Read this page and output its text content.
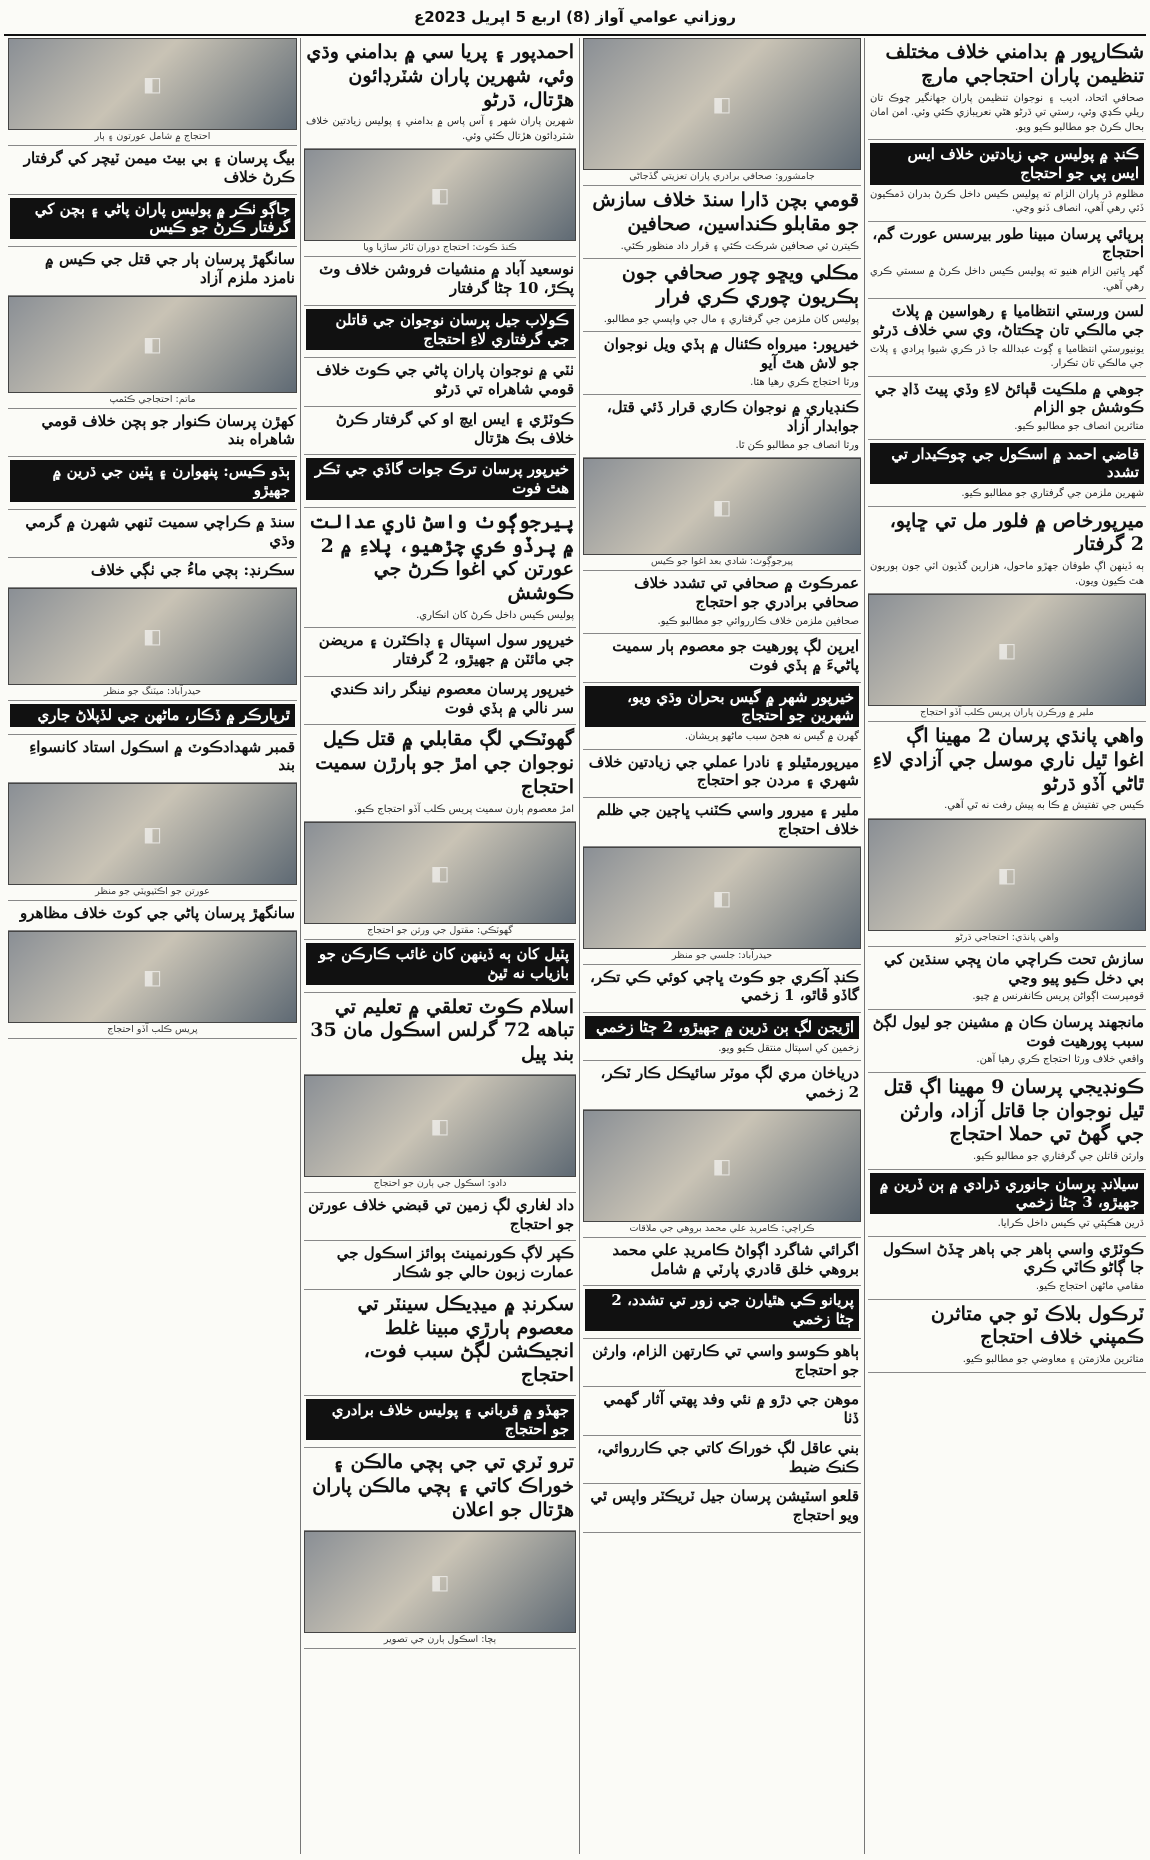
روزاني عوامي آواز (8) اربع 5 اپريل 2023ع
شڪارپور ۾ بدامني خلاف مختلف تنظيمن پاران احتجاجي مارچ
صحافي اتحاد، اديب ۽ نوجوان تنظيمن پاران جهانگير چوڪ تان ريلي ڪڍي وئي، رستي تي ڌرڻو هڻي نعريبازي ڪئي وئي. امن امان بحال ڪرڻ جو مطالبو ڪيو ويو.
ڪنڊ ۾ پوليس جي زيادتين خلاف ايس ايس پي جو احتجاج
مظلوم ڌر پاران الزام ته پوليس ڪيس داخل ڪرڻ بدران ڌمڪيون ڏئي رهي آهي، انصاف ڏنو وڃي.
ٻرپائي پرسان مبينا طور بيرسس عورت گم، احتجاج
گهر ڀاتين الزام هنيو ته پوليس ڪيس داخل ڪرڻ ۾ سستي ڪري رهي آهي.
لسن ورستي انتظاميا ۽ رهواسين ۾ پلاٽ جي مالڪي تان ڇڪتاڻ، وي سي خلاف ڌرڻو
يونيورسٽي انتظاميا ۽ ڳوٺ عبدالله جا ڌر ڪري شيوا پرادي ۽ پلاٽ جي مالڪي تان تڪرار.
جوهي ۾ ملڪيت ڦٻائڻ لاءِ وڏي پيٽ ڏاڍ جي ڪوشش جو الزام
متاثرين انصاف جو مطالبو ڪيو.
قاضي احمد ۾ اسڪول جي چوڪيدار تي تشدد
شهرين ملزمن جي گرفتاري جو مطالبو ڪيو.
ميرپورخاص ۾ فلور مل تي ڇاپو، 2 گرفتار
ٻه ڏينهن اڳ طوفان جهڙو ماحول، هزارين گڏيون اٽي جون ٻوريون هٿ ڪيون ويون.
◧
ملير ۾ ورڪرن پاران پريس ڪلب آڏو احتجاج
واهي پانڌي پرسان 2 مهينا اڳ اغوا ٿيل ناري موسل جي آزادي لاءِ ٿاڻي آڏو ڌرڻو
ڪيس جي تفتيش ۾ ڪا به پيش رفت نه ٿي آهي.
◧
واهي پانڌي: احتجاجي ڌرڻو
سازش تحت ڪراچي مان ڀڄي سنڌين کي بي دخل ڪيو پيو وڃي
قومپرست اڳواڻن پريس ڪانفرنس ۾ چيو.
مانجهند پرسان ڪان ۾ مشينن جو ليول لڳڻ سبب پورهيت فوت
واقعي خلاف ورثا احتجاج ڪري رهيا آهن.
ڪونڊيجي پرسان 9 مهينا اڳ قتل ٿيل نوجوان جا قاتل آزاد، وارثن جي گهڻ تي حملا احتجاج
وارثن قاتلن جي گرفتاري جو مطالبو ڪيو.
سيلانڊ پرسان جانوري ڌرادي ۾ ٻن ڏرين ۾ جهيڙو، 3 ڄڻا زخمي
ڌرين هڪٻئي تي ڪيس داخل ڪرايا.
ڪوٽڙي واسي ٻاهر جي ٻاهر ڇڏڻ اسڪول جا ڳاڻو ڪاٽي ڪري
مقامي ماڻهن احتجاج ڪيو.
ٽرڪول بلاڪ ٽو جي متاثرن ڪمپني خلاف احتجاج
متاثرين ملازمتن ۽ معاوضي جو مطالبو ڪيو.
◧
جامشورو: صحافي برادري پاران تعزيتي گڏجاڻي
قومي بچن ڌارا سنڌ خلاف سازش جو مقابلو ڪنداسين، صحافين
ڪيترن ئي صحافين شرڪت ڪئي ۽ قرار داد منظور ڪئي.
مڪلي ويڇو چور صحافي جون ٻڪريون چوري ڪري فرار
پوليس کان ملزمن جي گرفتاري ۽ مال جي واپسي جو مطالبو.
خيرپور: ميرواه ڪئنال ۾ ٻڏي ويل نوجوان جو لاش هٿ آيو
ورثا احتجاج ڪري رهيا هئا.
ڪنڊياري ۾ نوجوان ڪاري قرار ڏئي قتل، جوابدار آزاد
ورثا انصاف جو مطالبو ڪن ٿا.
◧
پيرجوڳوٺ: شادي بعد اغوا جو ڪيس
عمرڪوٽ ۾ صحافي تي تشدد خلاف صحافي برادري جو احتجاج
صحافين ملزمن خلاف ڪارروائي جو مطالبو ڪيو.
ايرپن لڳ پورهيت جو معصوم ٻار سميت پاڻيءَ ۾ ٻڏي فوت
خيرپور شهر ۾ گيس بحران وڌي ويو، شهرين جو احتجاج
گهرن ۾ گيس نه هجڻ سبب ماڻهو پريشان.
ميرپورمٿيلو ۽ نادرا عملي جي زيادتين خلاف شهري ۽ مردن جو احتجاج
ملير ۽ ميرور واسي ڪٽنب ڀاڄين جي ظلم خلاف احتجاج
◧
حيدرآباد: جلسي جو منظر
ڪنڊ آڪري جو ڪوٽ ڀاڄي کوئي ڪي تڪر، گاڏو ڦاٿو، 1 زخمي
اڙيجن لڳ ٻن ڌرين ۾ جهيڙو، 2 ڄڻا زخمي
زخمين کي اسپتال منتقل ڪيو ويو.
درياخان مري لڳ موٽر سائيڪل ڪار ٽڪر، 2 زخمي
◧
ڪراچي: ڪامريڊ علي محمد بروهي جي ملاقات
اگرائي شاگرد اڳواڻ ڪامريڊ علي محمد بروهي خلق قادري پارٽي ۾ شامل
پريانو ڪي هٿيارن جي زور تي تشدد، 2 ڄڻا زخمي
ٻاهو ڪوسو واسي تي ڪارتهن الزام، وارثن جو احتجاج
موهن جي دڙو ۾ نئي وفد پهتي آثار گهمي ڏٺا
بني عاقل لڳ خوراڪ کاتي جي ڪارروائي، ڪنڪ ضبط
قلعو اسٽيشن پرسان جيل ٽريڪٽر واپس ٿي ويو احتجاج
احمدپور ۽ پريا سي ۾ بدامني وڌي وئي، شهرين پاران شٽرڊائون هڙتال، ڌرڻو
شهرين پاران شهر ۽ آس پاس ۾ بدامني ۽ پوليس زيادتين خلاف شٽرڊائون هڙتال ڪئي وئي.
◧
ڪنڌ ڪوٽ: احتجاج دوران ٽائر ساڙيا ويا
نوسعيد آباد ۾ منشيات فروشن خلاف وٽ پڪڙ، 10 ڄڻا گرفتار
ڪولاب جيل پرسان نوجوان جي قاتلن جي گرفتاري لاءِ احتجاج
ٺٽي ۾ نوجوان پاران پاڻي جي ڪوٽ خلاف قومي شاهراه تي ڌرڻو
ڪوٽڙي ۽ ايس ايچ او کي گرفتار ڪرڻ خلاف بڪ هڙتال
خيرپور پرسان ترڪ جوات گاڏي جي ٽڪر هٿ فوت
پيرجوڳوٺ واسڻ ناري عدالت ۾ پرڏو ڪري چڙهيو، پلاءِ ۾ 2 عورتن کي اغوا ڪرڻ جي ڪوشش
پوليس ڪيس داخل ڪرڻ کان انڪاري.
خيرپور سول اسپتال ۽ ڊاڪٽرن ۽ مريضن جي مائٽن ۾ جهيڙو، 2 گرفتار
خيرپور پرسان معصوم نينگر راند ڪندي سر نالي ۾ ٻڏي فوت
گهوٽڪي لڳ مقابلي ۾ قتل ڪيل نوجوان جي امڙ جو ٻارڙن سميت احتجاج
امڙ معصوم ٻارن سميت پريس ڪلب آڏو احتجاج ڪيو.
◧
گهوٽڪي: مقتول جي ورثن جو احتجاج
پٽيل کان ٻه ڏينهن کان غائب ڪارڪن جو بازياب نه ٿيڻ
اسلام ڪوٽ تعلقي ۾ تعليم تي تباهه 72 گرلس اسڪول مان 35 بند پيل
◧
دادو: اسڪول جي ٻارن جو احتجاج
داد لغاري لڳ زمين تي قبضي خلاف عورتن جو احتجاج
ڪپر لاڳ ڪورنمينٽ ٻوائز اسڪول جي عمارت زبون حالي جو شڪار
سکرنڊ ۾ ميڊيڪل سينٽر تي معصوم ٻارڙي مبينا غلط انجيڪشن لڳڻ سبب فوت، احتجاج
جهڏو ۾ قرباني ۽ پوليس خلاف برادري جو احتجاج
ترو ٽري تي جي ٻچي مالڪن ۽ خوراڪ کاتي ۽ ٻچي مالڪن پاران هڙتال جو اعلان
◧
ٻچا: اسڪول ٻارن جي تصوير
◧
احتجاج ۾ شامل عورتون ۽ ٻار
بيگ پرسان ۽ بي بيٽ ميمن ٽيچر کي گرفتار ڪرڻ خلاف
جاڳو ٺڪر ۾ پوليس پاران پاڻي ۽ ٻچن کي گرفتار ڪرڻ جو ڪيس
سانگهڙ پرسان ٻار جي قتل جي ڪيس ۾ نامزد ملزم آزاد
◧
ماتم: احتجاجي ڪئمپ
کهڙن پرسان ڪنوار جو ٻچن خلاف قومي شاهراه بند
ٻڌو ڪيس: پنهوارن ۽ ڀٽين جي ڌرين ۾ جهيڙو
سنڌ ۾ ڪراچي سميت ٽنهي شهرن ۾ گرمي وڌي
سڪرنڊ: ٻچي ماءُ جي ٺڳي خلاف
◧
حيدرآباد: ميٽنگ جو منظر
ٿرپارڪر ۾ ڏڪار، ماڻهن جي لڏپلاڻ جاري
قمبر شهدادڪوٽ ۾ اسڪول استاد کانسواءِ بند
◧
عورتن جو اڪٽيويٽي جو منظر
سانگهڙ پرسان پاڻي جي کوٽ خلاف مظاهرو
◧
پريس ڪلب آڏو احتجاج
